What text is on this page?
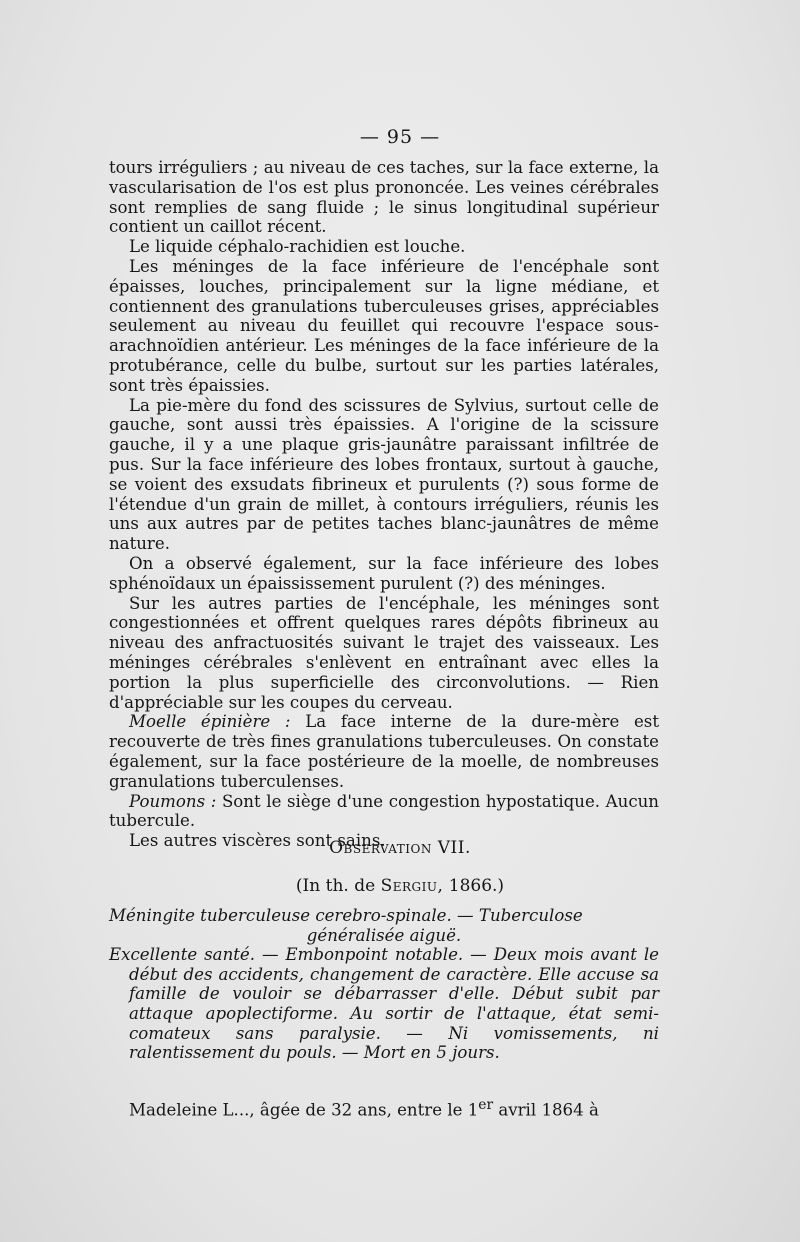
— 95 —

tours irréguliers ; au niveau de ces taches, sur la face externe, la vascularisation de l'os est plus prononcée. Les veines cérébrales sont remplies de sang fluide ; le sinus longitudinal supérieur contient un caillot récent.

Le liquide céphalo-rachidien est louche.

Les méninges de la face inférieure de l'encéphale sont épaisses, louches, principalement sur la ligne médiane, et contiennent des granulations tuberculeuses grises, appréciables seulement au niveau du feuillet qui recouvre l'espace sous-arachnoïdien antérieur. Les méninges de la face inférieure de la protubérance, celle du bulbe, surtout sur les parties latérales, sont très épaissies.

La pie-mère du fond des scissures de Sylvius, surtout celle de gauche, sont aussi très épaissies. A l'origine de la scissure gauche, il y a une plaque gris-jaunâtre paraissant infiltrée de pus. Sur la face inférieure des lobes frontaux, surtout à gauche, se voient des exsudats fibrineux et purulents (?) sous forme de l'étendue d'un grain de millet, à contours irréguliers, réunis les uns aux autres par de petites taches blanc-jaunâtres de même nature.

On a observé également, sur la face inférieure des lobes sphénoïdaux un épaississement purulent (?) des méninges.

Sur les autres parties de l'encéphale, les méninges sont congestionnées et offrent quelques rares dépôts fibrineux au niveau des anfractuosités suivant le trajet des vaisseaux. Les méninges cérébrales s'enlèvent en entraînant avec elles la portion la plus superficielle des circonvolutions. — Rien d'appréciable sur les coupes du cerveau.

Moelle épinière : La face interne de la dure-mère est recouverte de très fines granulations tuberculeuses. On constate également, sur la face postérieure de la moelle, de nombreuses granulations tuberculenses.

Poumons : Sont le siège d'une congestion hypostatique. Aucun tubercule.

Les autres viscères sont sains.

Observation VII.
(In th. de Sergiu, 1866.)

Méningite tuberculeuse cerebro-spinale. — Tuberculose

généralisée aiguë.

Excellente santé. — Embonpoint notable. — Deux mois avant le début des accidents, changement de caractère. Elle accuse sa famille de vouloir se débarrasser d'elle. Début subit par attaque apoplectiforme. Au sortir de l'attaque, état semi-comateux sans paralysie. — Ni vomissements, ni ralentissement du pouls. — Mort en 5 jours.

Madeleine L..., âgée de 32 ans, entre le 1er avril 1864 à
